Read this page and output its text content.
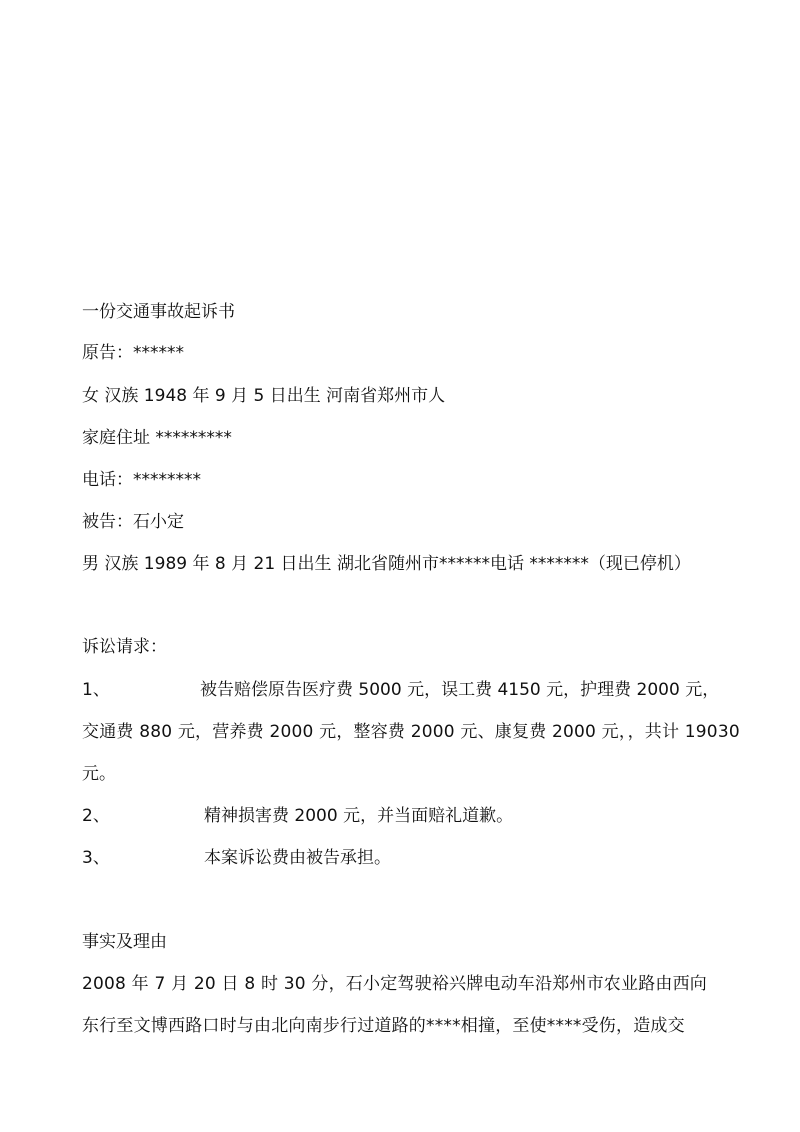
一份交通事故起诉书
原告：******
女 汉族 1948 年 9 月 5 日出生 河南省郑州市人
家庭住址 *********
电话：********
被告：石小定
男 汉族 1989 年 8 月 21 日出生 湖北省随州市******电话 *******（现已停机）
诉讼请求：
1、	被告赔偿原告医疗费 5000 元，误工费 4150 元，护理费 2000 元，
交通费 880 元，营养费 2000 元，整容费 2000 元、康复费 2000 元，，共计 19030
元。
2、	精神损害费 2000 元，并当面赔礼道歉。
3、	本案诉讼费由被告承担。
事实及理由
2008 年 7 月 20 日 8 时 30 分，石小定驾驶裕兴牌电动车沿郑州市农业路由西向
东行至文博西路口时与由北向南步行过道路的****相撞，至使****受伤，造成交
